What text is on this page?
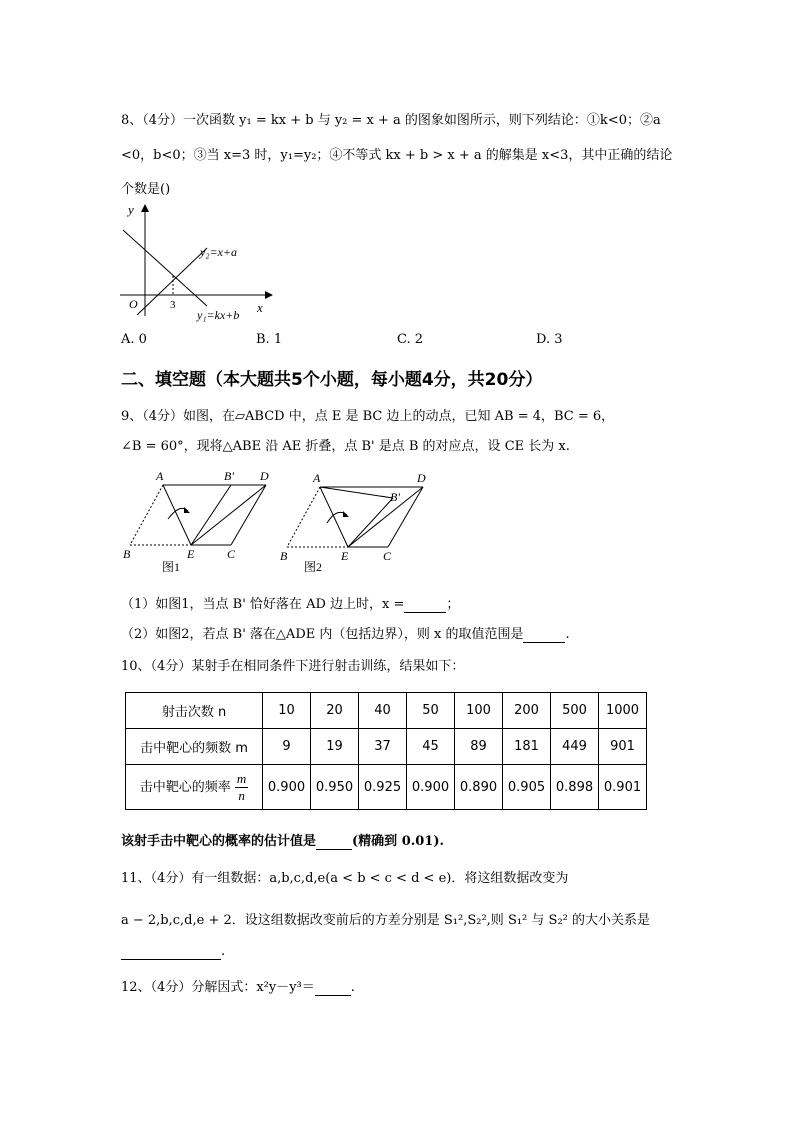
8、（4分）一次函数 y₁ = kx + b 与 y₂ = x + a 的图象如图所示，则下列结论：①k<0；②a
<0，b<0；③当 x=3 时，y₁=y₂；④不等式 kx + b > x + a 的解集是 x<3，其中正确的结论
个数是()
y
x
O	3
y₂=x+a
y₁=kx+b
A. 0	B. 1	C. 2	D. 3
二、填空题（本大题共5个小题，每小题4分，共20分）
9、（4分）如图，在▱ABCD 中，点 E 是 BC 边上的动点，已知 AB = 4，BC = 6，
∠B = 60°，现将△ABE 沿 AE 折叠，点 B' 是点 B 的对应点，设 CE 长为 x.
A	B' D
B	E	C
图1
A
B'
D
B	E	C
图2
（1）如图1，当点 B' 恰好落在 AD 边上时，x =	；
（2）如图2，若点 B' 落在△ADE 内（包括边界），则 x 的取值范围是	.
10、（4分）某射手在相同条件下进行射击训练，结果如下：
射击次数 n	10	20	40	50	100	200	500	1000
击中靶心的频数 m	9	19	37	45	89	181	449	901
击中靶心的频率 $\frac{m}{n}$	0.900	0.950	0.925	0.900	0.890	0.905	0.898	0.901
该射手击中靶心的概率的估计值是	(精确到 0.01).
11、（4分）有一组数据：a,b,c,d,e(a < b < c < d < e)．将这组数据改变为
a − 2,b,c,d,e + 2．设这组数据改变前后的方差分别是 S₁²,S₂²,则 S₁² 与 S₂² 的大小关系是
.
12、（4分）分解因式：x²y－y³＝	.
